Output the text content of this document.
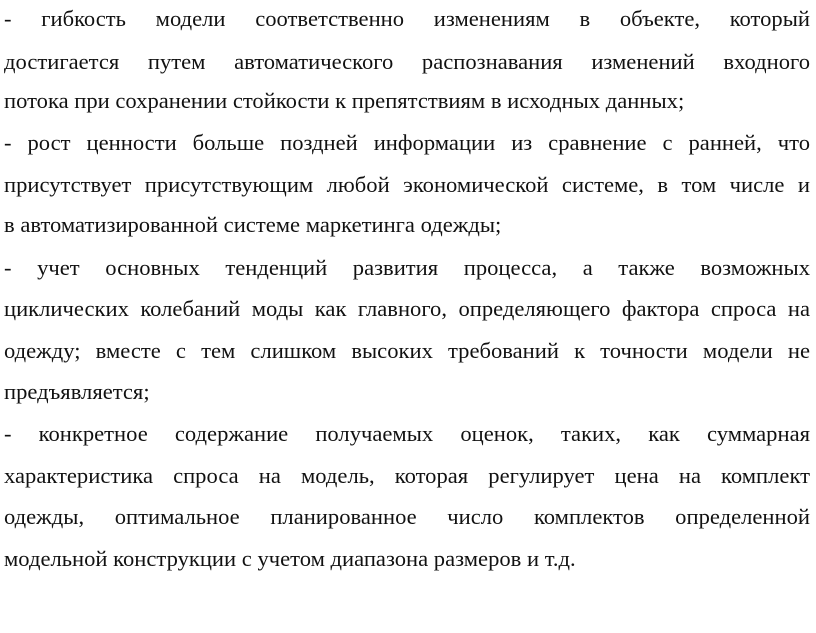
- гибкость модели соответственно изменениям в объекте, который
достигается путем автоматического распознавания изменений входного
потока при сохранении стойкости к препятствиям в исходных данных;
- рост ценности больше поздней информации из сравнение с ранней, что
присутствует присутствующим любой экономической системе, в том числе и
в автоматизированной системе маркетинга одежды;
- учет основных тенденций развития процесса, а также возможных
циклических колебаний моды как главного, определяющего фактора спроса на
одежду; вместе с тем слишком высоких требований к точности модели не
предъявляется;
- конкретное содержание получаемых оценок, таких, как суммарная
характеристика спроса на модель, которая регулирует цена на комплект
одежды, оптимальное планированное число комплектов определенной
модельной конструкции с учетом диапазона размеров и т.д.
